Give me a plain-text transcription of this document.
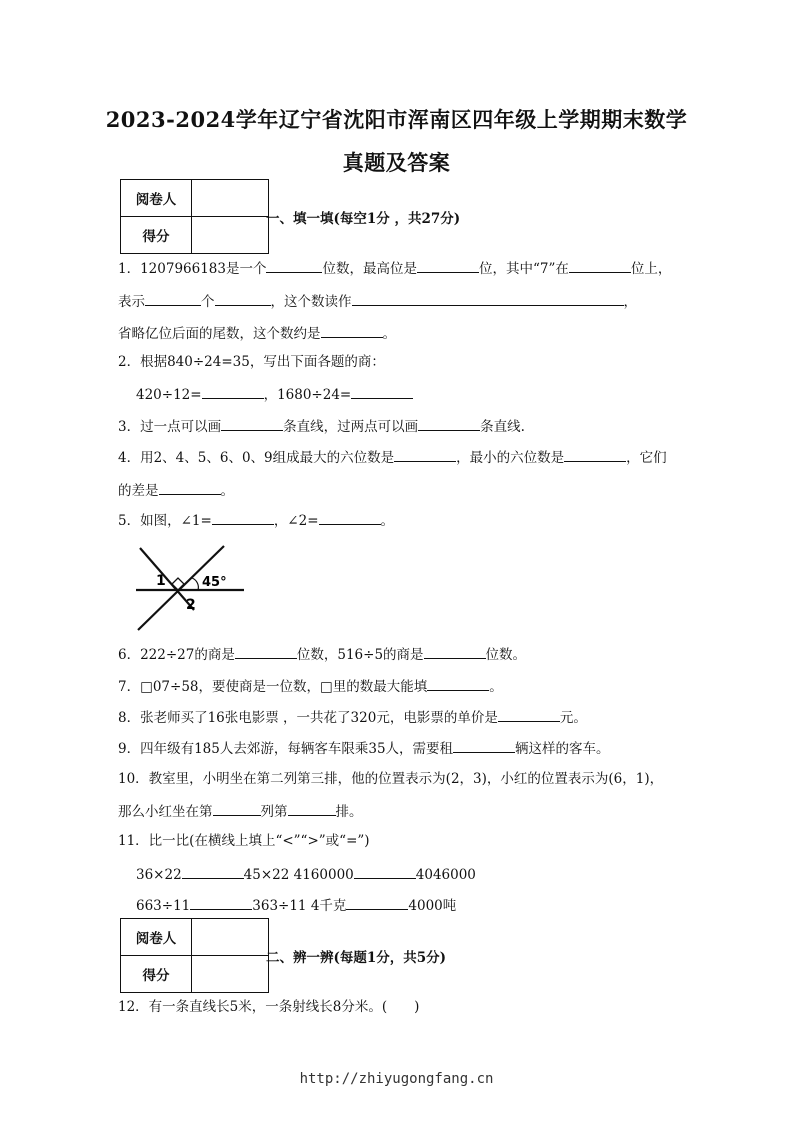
2023-2024学年辽宁省沈阳市浑南区四年级上学期期末数学
真题及答案
阅卷人	
得分	
一、填一填(每空1分 ，共27分)
1．1207966183是一个	位数，最高位是	位，其中“7”在	位上，
表示	个	，这个数读作	，
省略亿位后面的尾数，这个数约是	。
2．根据840÷24=35，写出下面各题的商：
420÷12=	，1680÷24=
3．过一点可以画	条直线，过两点可以画	条直线.
4．用2、4、5、6、0、9组成最大的六位数是	，最小的六位数是	，它们
的差是	。
5．如图，∠1=	，∠2=	。
1	45°
2
6．222÷27的商是	位数，516÷5的商是	位数。
7．□07÷58，要使商是一位数，□里的数最大能填	。
8．张老师买了16张电影票 ，一共花了320元，电影票的单价是	元。
9．四年级有185人去郊游，每辆客车限乘35人，需要租	辆这样的客车。
10．教室里，小明坐在第二列第三排，他的位置表示为(2，3)，小红的位置表示为(6，1)，
那么小红坐在第	列第	排。
11．比一比(在横线上填上“<”“>”或“=”)
36×22	45×22 4160000	4046000
663÷11	363÷11 4千克	4000吨
阅卷人	
得分	
二、辨一辨(每题1分，共5分)
12．有一条直线长5米，一条射线长8分米。(　　)
http://zhiyugongfang.cn
